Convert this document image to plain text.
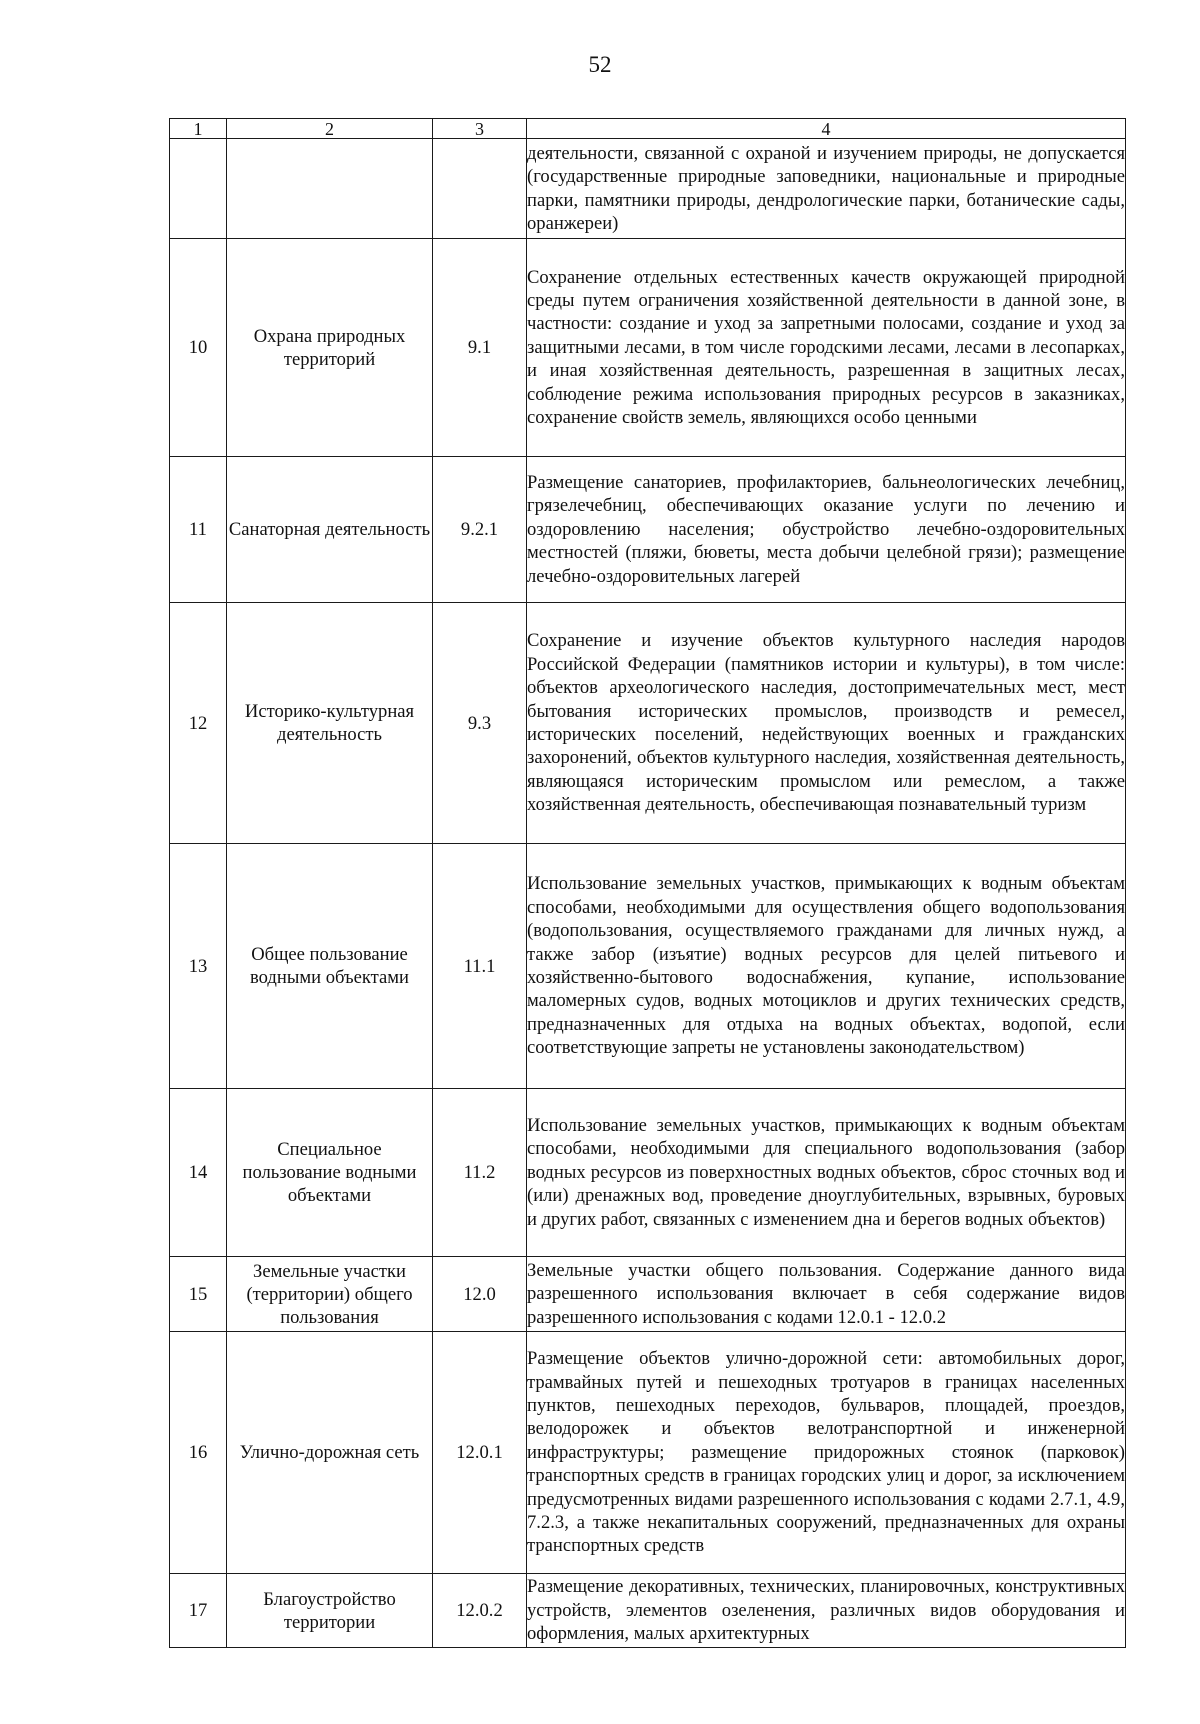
52
1	2	3	4
			деятельности, связанной с охраной и изучением природы, не допускается (государственные природные заповедники, национальные и природные парки, памятники природы, дендрологические парки, ботанические сады, оранжереи)
10	Охрана природных территорий	9.1	Сохранение отдельных естественных качеств окружающей природной среды путем ограничения хозяйственной деятельности в данной зоне, в частности: создание и уход за запретными полосами, создание и уход за защитными лесами, в том числе городскими лесами, лесами в лесопарках, и иная хозяйственная деятельность, разрешенная в защитных лесах, соблюдение режима использования природных ресурсов в заказниках, сохранение свойств земель, являющихся особо ценными
11	Санаторная деятельность	9.2.1	Размещение санаториев, профилакториев, бальнеологических лечебниц, грязелечебниц, обеспечивающих оказание услуги по лечению и оздоровлению населения; обустройство лечебно-оздоровительных местностей (пляжи, бюветы, места добычи целебной грязи); размещение лечебно-оздоровительных лагерей
12	Историко-культурная деятельность	9.3	Сохранение и изучение объектов культурного наследия народов Российской Федерации (памятников истории и культуры), в том числе: объектов археологического наследия, достопримечательных мест, мест бытования исторических промыслов, производств и ремесел, исторических поселений, недействующих военных и гражданских захоронений, объектов культурного наследия, хозяйственная деятельность, являющаяся историческим промыслом или ремеслом, а также хозяйственная деятельность, обеспечивающая познавательный туризм
13	Общее пользование водными объектами	11.1	Использование земельных участков, примыкающих к водным объектам способами, необходимыми для осуществления общего водопользования (водопользования, осуществляемого гражданами для личных нужд, а также забор (изъятие) водных ресурсов для целей питьевого и хозяйственно-бытового водоснабжения, купание, использование маломерных судов, водных мотоциклов и других технических средств, предназначенных для отдыха на водных объектах, водопой, если соответствующие запреты не установлены законодательством)
14	Специальное пользование водными объектами	11.2	Использование земельных участков, примыкающих к водным объектам способами, необходимыми для специального водопользования (забор водных ресурсов из поверхностных водных объектов, сброс сточных вод и (или) дренажных вод, проведение дноуглубительных, взрывных, буровых и других работ, связанных с изменением дна и берегов водных объектов)
15	Земельные участки (территории) общего пользования	12.0	Земельные участки общего пользования. Содержание данного вида разрешенного использования включает в себя содержание видов разрешенного использования с кодами 12.0.1 - 12.0.2
16	Улично-дорожная сеть	12.0.1	Размещение объектов улично-дорожной сети: автомобильных дорог, трамвайных путей и пешеходных тротуаров в границах населенных пунктов, пешеходных переходов, бульваров, площадей, проездов, велодорожек и объектов велотранспортной и инженерной инфраструктуры; размещение придорожных стоянок (парковок) транспортных средств в границах городских улиц и дорог, за исключением предусмотренных видами разрешенного использования с кодами 2.7.1, 4.9, 7.2.3, а также некапитальных сооружений, предназначенных для охраны транспортных средств
17	Благоустройство территории	12.0.2	Размещение декоративных, технических, планировочных, конструктивных устройств, элементов озеленения, различных видов оборудования и оформления, малых архитектурных
